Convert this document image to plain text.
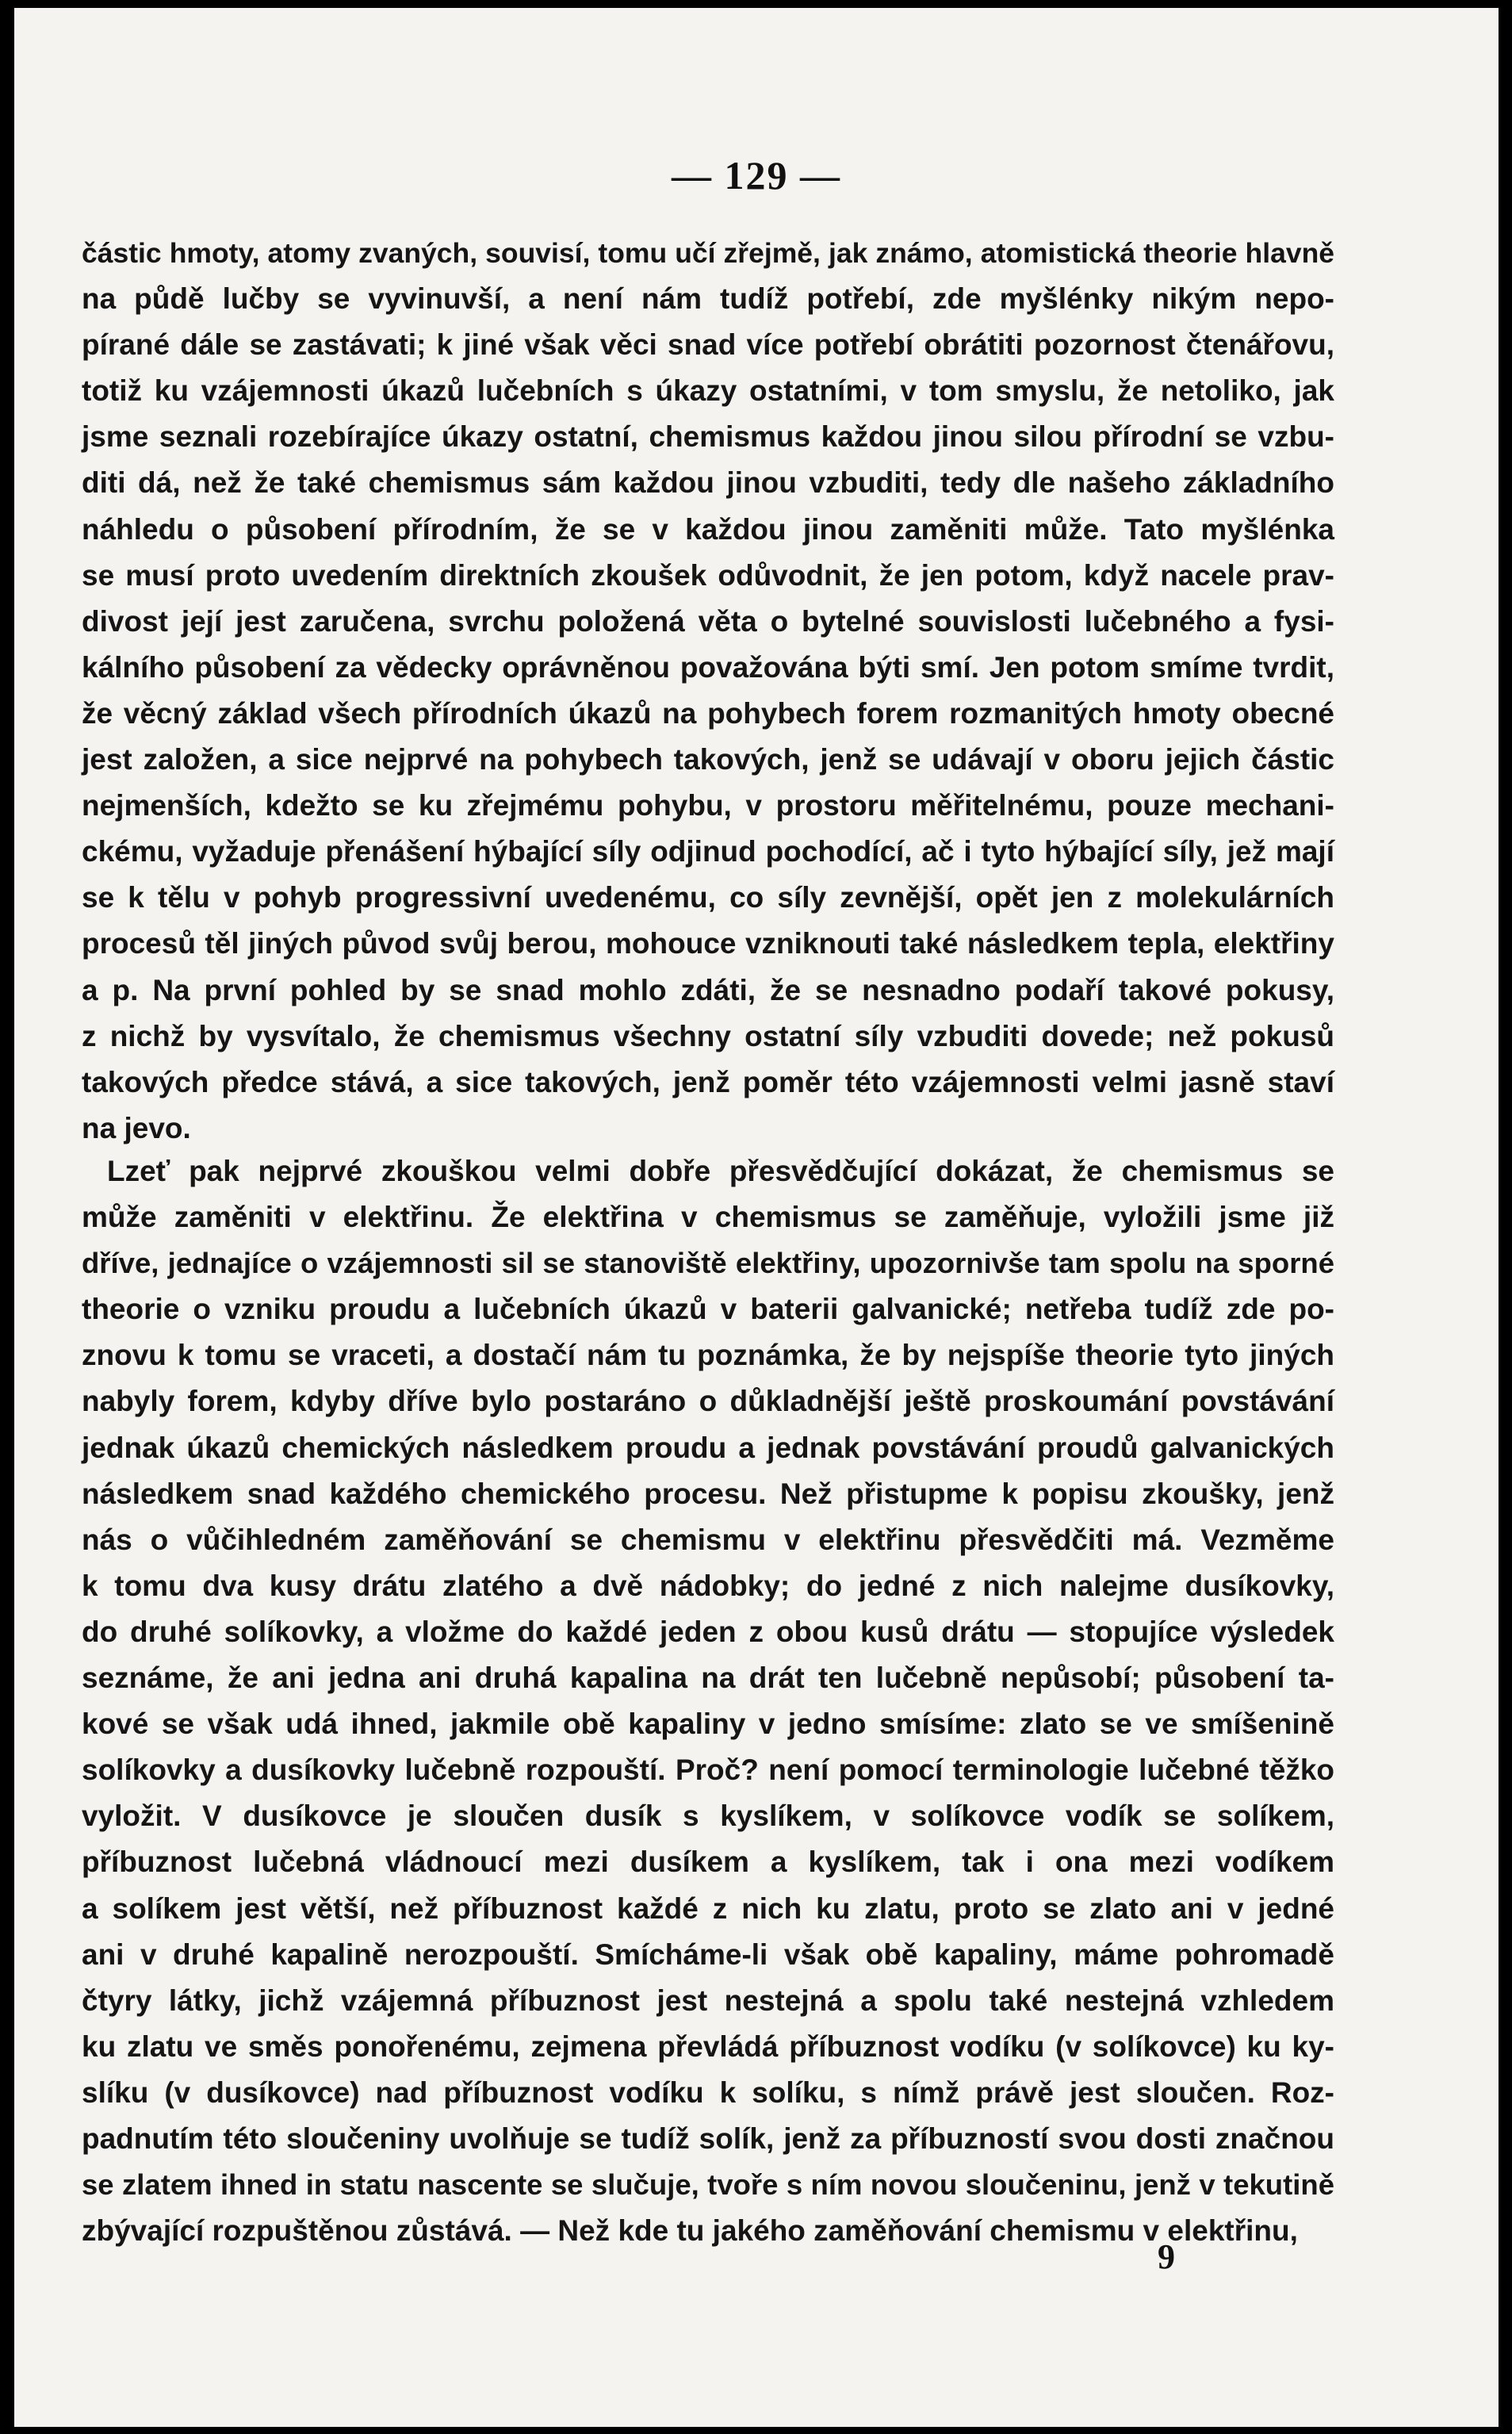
— 129 —
částic hmoty, atomy zvaných, souvisí, tomu učí zřejmě, jak známo, atomistická theorie hlavně
na půdě lučby se vyvinuvší, a není nám tudíž potřebí, zde myšlénky nikým nepo-
pírané dále se zastávati; k jiné však věci snad více potřebí obrátiti pozornost čtenářovu,
totiž ku vzájemnosti úkazů lučebních s úkazy ostatními, v tom smyslu, že netoliko, jak
jsme seznali rozebírajíce úkazy ostatní, chemismus každou jinou silou přírodní se vzbu-
diti dá, než že také chemismus sám každou jinou vzbuditi, tedy dle našeho základního
náhledu o působení přírodním, že se v každou jinou zaměniti může. Tato myšlénka
se musí proto uvedením direktních zkoušek odůvodnit, že jen potom, když nacele prav-
divost její jest zaručena, svrchu položená věta o bytelné souvislosti lučebného a fysi-
kálního působení za vědecky oprávněnou považována býti smí. Jen potom smíme tvrdit,
že věcný základ všech přírodních úkazů na pohybech forem rozmanitých hmoty obecné
jest založen, a sice nejprvé na pohybech takových, jenž se udávají v oboru jejich částic
nejmenších, kdežto se ku zřejmému pohybu, v prostoru měřitelnému, pouze mechani-
ckému, vyžaduje přenášení hýbající síly odjinud pochodící, ač i tyto hýbající síly, jež mají
se k tělu v pohyb progressivní uvedenému, co síly zevnější, opět jen z molekulárních
procesů těl jiných původ svůj berou, mohouce vzniknouti také následkem tepla, elektřiny
a p. Na první pohled by se snad mohlo zdáti, že se nesnadno podaří takové pokusy,
z nichž by vysvítalo, že chemismus všechny ostatní síly vzbuditi dovede; než pokusů
takových předce stává, a sice takových, jenž poměr této vzájemnosti velmi jasně staví
na jevo.
Lzeť pak nejprvé zkouškou velmi dobře přesvědčující dokázat, že chemismus se
může zaměniti v elektřinu. Že elektřina v chemismus se zaměňuje, vyložili jsme již
dříve, jednajíce o vzájemnosti sil se stanoviště elektřiny, upozornivše tam spolu na sporné
theorie o vzniku proudu a lučebních úkazů v baterii galvanické; netřeba tudíž zde po-
znovu k tomu se vraceti, a dostačí nám tu poznámka, že by nejspíše theorie tyto jiných
nabyly forem, kdyby dříve bylo postaráno o důkladnější ještě proskoumání povstávání
jednak úkazů chemických následkem proudu a jednak povstávání proudů galvanických
následkem snad každého chemického procesu. Než přistupme k popisu zkoušky, jenž
nás o vůčihledném zaměňování se chemismu v elektřinu přesvědčiti má. Vezměme
k tomu dva kusy drátu zlatého a dvě nádobky; do jedné z nich nalejme dusíkovky,
do druhé solíkovky, a vložme do každé jeden z obou kusů drátu — stopujíce výsledek
seznáme, že ani jedna ani druhá kapalina na drát ten lučebně nepůsobí; působení ta-
kové se však udá ihned, jakmile obě kapaliny v jedno smísíme: zlato se ve smíšenině
solíkovky a dusíkovky lučebně rozpouští. Proč? není pomocí terminologie lučebné těžko
vyložit. V dusíkovce je sloučen dusík s kyslíkem, v solíkovce vodík se solíkem,
příbuznost lučebná vládnoucí mezi dusíkem a kyslíkem, tak i ona mezi vodíkem
a solíkem jest větší, než příbuznost každé z nich ku zlatu, proto se zlato ani v jedné
ani v druhé kapalině nerozpouští. Smícháme-li však obě kapaliny, máme pohromadě
čtyry látky, jichž vzájemná příbuznost jest nestejná a spolu také nestejná vzhledem
ku zlatu ve směs ponořenému, zejmena převládá příbuznost vodíku (v solíkovce) ku ky-
slíku (v dusíkovce) nad příbuznost vodíku k solíku, s nímž právě jest sloučen. Roz-
padnutím této sloučeniny uvolňuje se tudíž solík, jenž za příbuzností svou dosti značnou
se zlatem ihned in statu nascente se slučuje, tvoře s ním novou sloučeninu, jenž v tekutině
zbývající rozpuštěnou zůstává. — Než kde tu jakého zaměňování chemismu v elektřinu,
9
